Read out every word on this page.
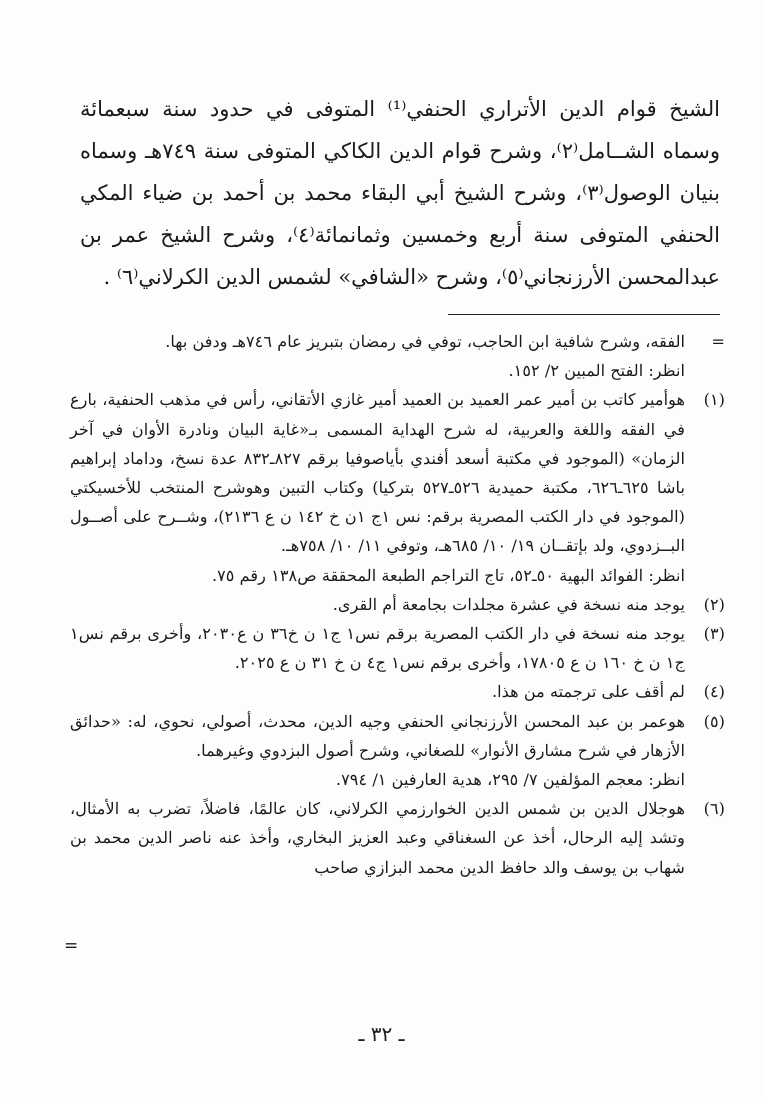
الشيخ قوام الدين الأتراري الحنفي⁽¹⁾ المتوفى في حدود سنة سبعمائة وسماه الشــامل⁽٢⁾، وشرح قوام الدين الكاكي المتوفى سنة ٧٤٩هـ وسماه بنيان الوصول⁽٣⁾، وشرح الشيخ أبي البقاء محمد بن أحمد بن ضياء المكي الحنفي المتوفى سنة أربع وخمسين وثمانمائة⁽٤⁾، وشرح الشيخ عمر بن عبدالمحسن الأرزنجاني⁽٥⁾، وشرح «الشافي» لشمس الدين الكرلاني⁽٦⁾ .

=
الفقه، وشرح شافية ابن الحاجب، توفي في رمضان بتبريز عام ٧٤٦هـ ودفن بها.
انظر: الفتح المبين ٢/ ١٥٢.
(١)
هوأمير كاتب بن أمير عمر العميد بن العميد أمير غازي الأتقاني، رأس في مذهب الحنفية، بارع في الفقه واللغة والعربية، له شرح الهداية المسمى بـ«غاية البيان ونادرة الأوان في آخر الزمان» (الموجود في مكتبة أسعد أفندي بأياصوفيا برقم ٨٢٧ـ٨٣٢ عدة نسخ، وداماد إبراهيم باشا ٦٢٥ـ٦٢٦، مكتبة حميدية ٥٢٦ـ٥٢٧ بتركيا) وكتاب التبين وهوشرح المنتخب للأخسيكتي (الموجود في دار الكتب المصرية برقم: نس ١ج ١ن خ ١٤٢ ن ع ٢١٣٦)، وشــرح على أصــول البــزدوي، ولد بإتقــان ١٩/ ١٠/ ٦٨٥هـ، وتوفي ١١/ ١٠/ ٧٥٨هـ.
انظر: الفوائد البهية ٥٠ـ٥٢، تاج التراجم الطبعة المحققة ص١٣٨ رقم ٧٥.
(٢)
يوجد منه نسخة في عشرة مجلدات بجامعة أم القرى.
(٣)
يوجد منه نسخة في دار الكتب المصرية برقم نس١ ج١ ن خ٣٦ ن ع٢٠٣٠، وأخرى برقم نس١ ج١ ن خ ١٦٠ ن ع ١٧٨٠٥، وأخرى برقم نس١ ج٤ ن خ ٣١ ن ع ٢٠٢٥.
(٤)
لم أقف على ترجمته من هذا.
(٥)
هوعمر بن عبد المحسن الأرزنجاني الحنفي وجيه الدين، محدث، أصولي، نحوي، له: «حدائق الأزهار في شرح مشارق الأنوار» للصغاني، وشرح أصول البزدوي وغيرهما.
انظر: معجم المؤلفين ٧/ ٢٩٥، هدية العارفين ١/ ٧٩٤.
(٦)
هوجلال الدين بن شمس الدين الخوارزمي الكرلاني، كان عالمًا، فاضلاً، تضرب به الأمثال، وتشد إليه الرحال، أخذ عن السغناقي وعبد العزيز البخاري، وأخذ عنه ناصر الدين محمد بن شهاب بن يوسف والد حافظ الدين محمد البزازي صاحب
=
ـ ٣٢ ـ
